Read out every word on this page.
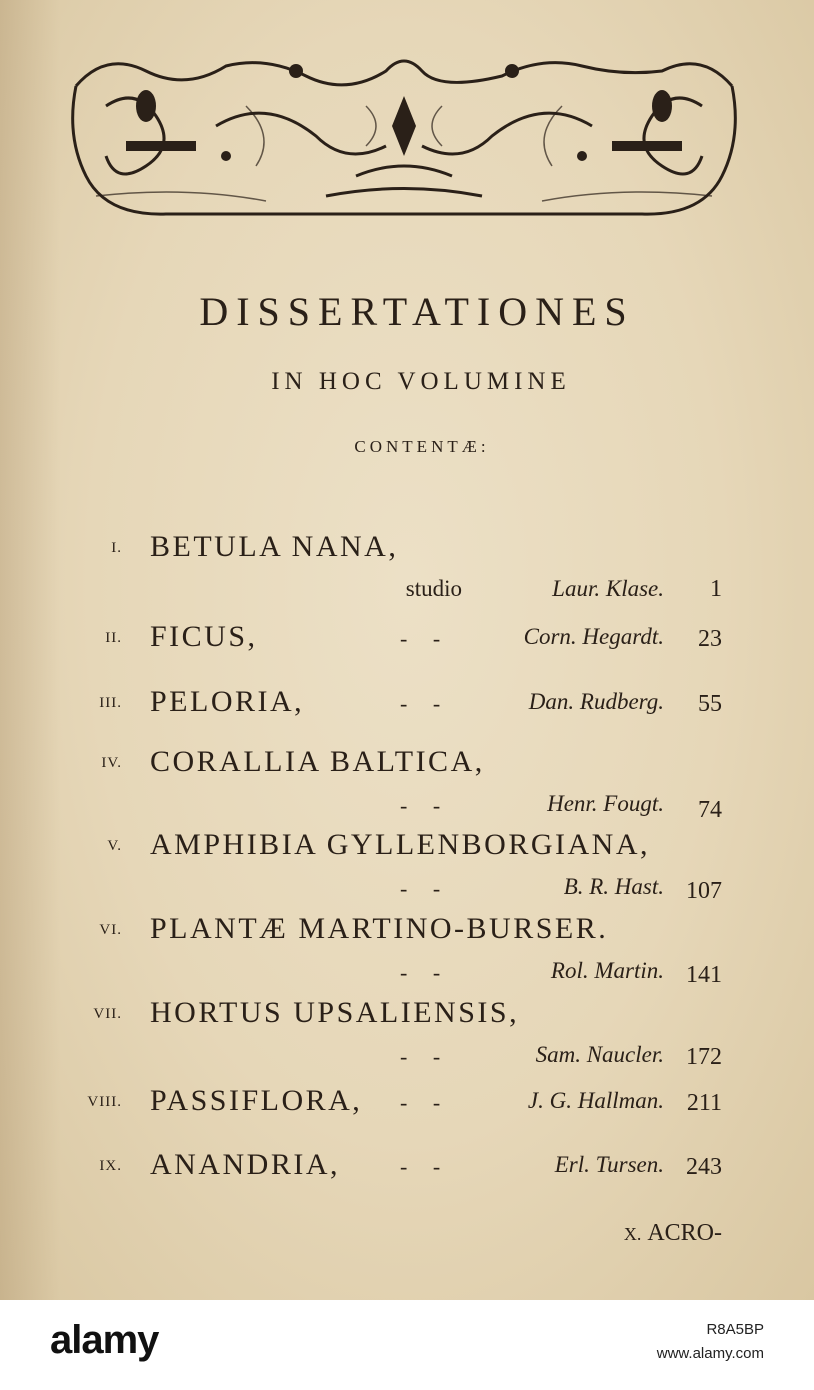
DISSERTATIONES
IN HOC VOLUMINE
CONTENTÆ:
I. BETULA NANA,
studio	Laur. Klase. 1
II. FICUS,	- -	Corn. Hegardt. 23
III. PELORIA,	- -	Dan. Rudberg. 55
IV. CORALLIA BALTICA,
- -	Henr. Fougt. 74
V. AMPHIBIA GYLLENBORGIANA,
- -	B. R. Hast. 107
VI. PLANTÆ MARTINO-BURSER.
- -	Rol. Martin. 141
VII. HORTUS UPSALIENSIS,
- -	Sam. Naucler. 172
VIII. PASSIFLORA, - -	J. G. Hallman. 211
IX. ANANDRIA,	- -	Erl. Tursen. 243
X. ACRO-
alamy	R8A5BP
www.alamy.com
